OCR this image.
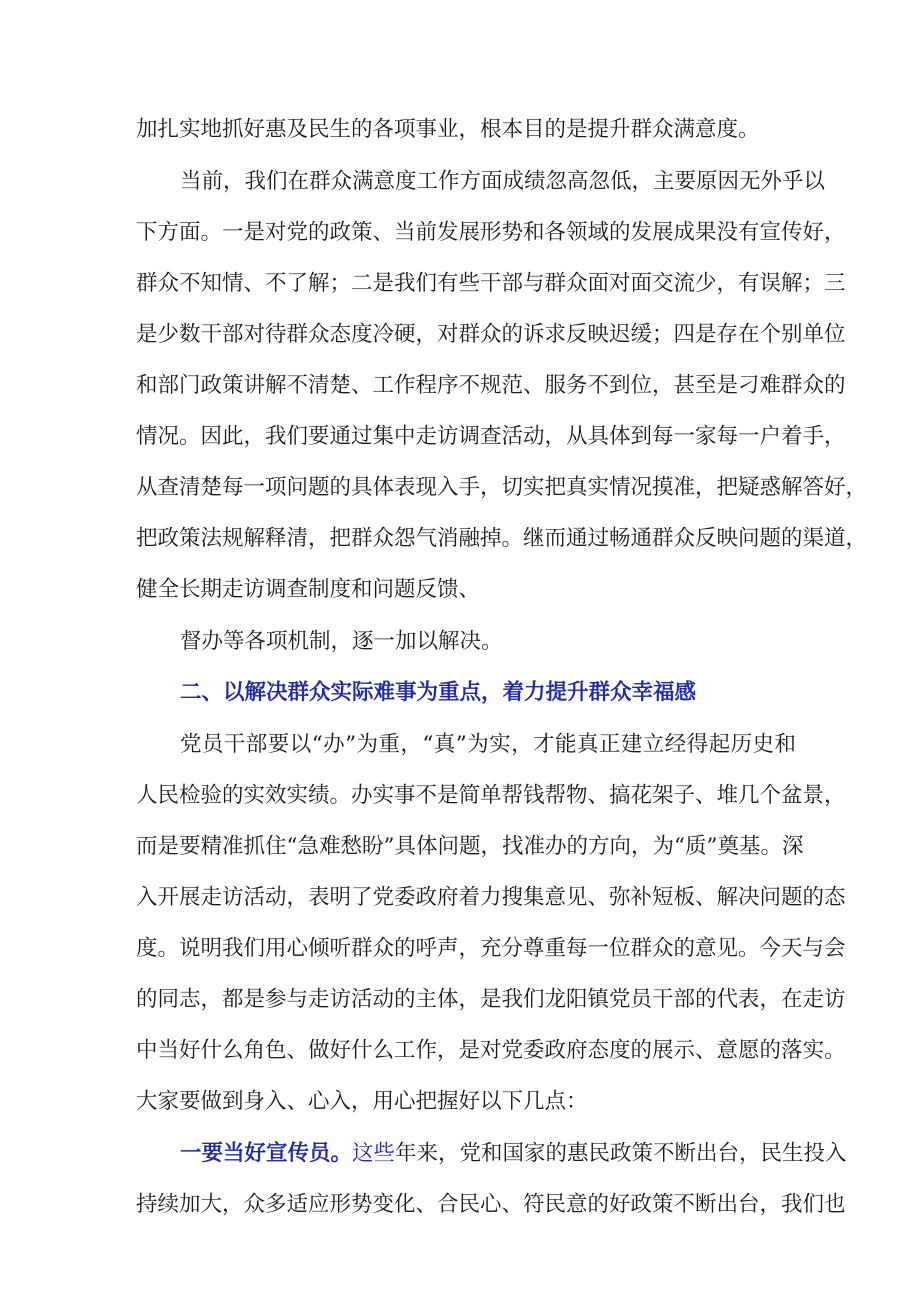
加扎实地抓好惠及民生的各项事业，根本目的是提升群众满意度。
当前，我们在群众满意度工作方面成绩忽高忽低，主要原因无外乎以
下方面。一是对党的政策、当前发展形势和各领域的发展成果没有宣传好，
群众不知情、不了解；二是我们有些干部与群众面对面交流少，有误解；三
是少数干部对待群众态度冷硬，对群众的诉求反映迟缓；四是存在个别单位
和部门政策讲解不清楚、工作程序不规范、服务不到位，甚至是刁难群众的
情况。因此，我们要通过集中走访调查活动，从具体到每一家每一户着手，
从查清楚每一项问题的具体表现入手，切实把真实情况摸准，把疑惑解答好，
把政策法规解释清，把群众怨气消融掉。继而通过畅通群众反映问题的渠道，
健全长期走访调查制度和问题反馈、
督办等各项机制，逐一加以解决。
二、以解决群众实际难事为重点，着力提升群众幸福感
党员干部要以“办”为重，“真”为实，才能真正建立经得起历史和
人民检验的实效实绩。办实事不是简单帮钱帮物、搞花架子、堆几个盆景，
而是要精准抓住“急难愁盼”具体问题，找准办的方向，为“质”奠基。深
入开展走访活动，表明了党委政府着力搜集意见、弥补短板、解决问题的态
度。说明我们用心倾听群众的呼声，充分尊重每一位群众的意见。今天与会
的同志，都是参与走访活动的主体，是我们龙阳镇党员干部的代表，在走访
中当好什么角色、做好什么工作，是对党委政府态度的展示、意愿的落实。
大家要做到身入、心入，用心把握好以下几点：
一要当好宣传员。这些年来，党和国家的惠民政策不断出台，民生投入
持续加大，众多适应形势变化、合民心、符民意的好政策不断出台，我们也
